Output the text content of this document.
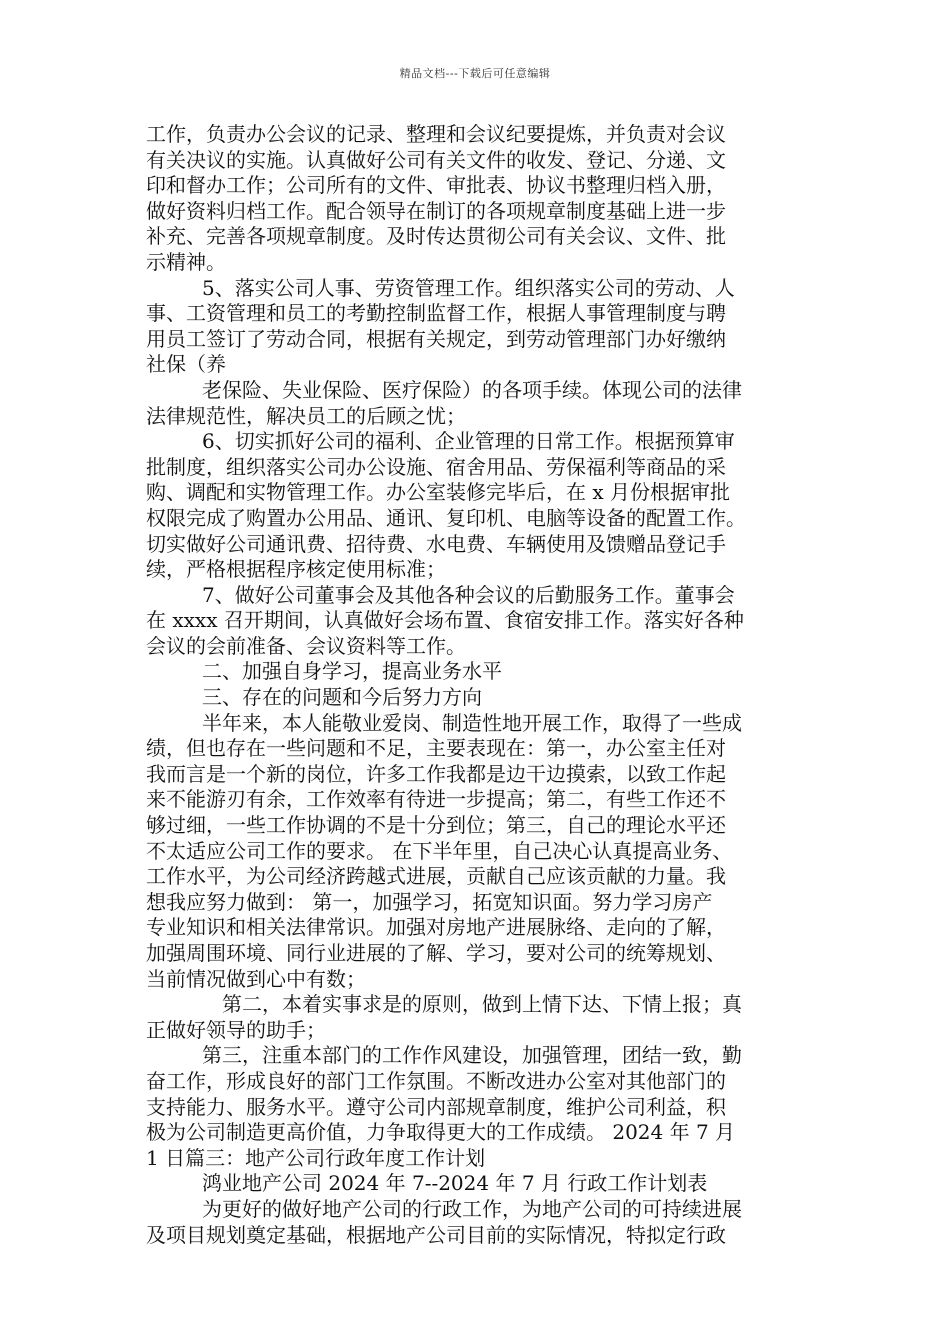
精品文档---下载后可任意编辑
工作，负责办公会议的记录、整理和会议纪要提炼，并负责对会议
有关决议的实施。认真做好公司有关文件的收发、登记、分递、文
印和督办工作；公司所有的文件、审批表、协议书整理归档入册，
做好资料归档工作。配合领导在制订的各项规章制度基础上进一步
补充、完善各项规章制度。及时传达贯彻公司有关会议、文件、批
示精神。
5、落实公司人事、劳资管理工作。组织落实公司的劳动、人
事、工资管理和员工的考勤控制监督工作，根据人事管理制度与聘
用员工签订了劳动合同，根据有关规定，到劳动管理部门办好缴纳
社保（养
老保险、失业保险、医疗保险）的各项手续。体现公司的法律
法律规范性，解决员工的后顾之忧；
6、切实抓好公司的福利、企业管理的日常工作。根据预算审
批制度，组织落实公司办公设施、宿舍用品、劳保福利等商品的采
购、调配和实物管理工作。办公室装修完毕后，在 x 月份根据审批
权限完成了购置办公用品、通讯、复印机、电脑等设备的配置工作。
切实做好公司通讯费、招待费、水电费、车辆使用及馈赠品登记手
续，严格根据程序核定使用标准；
7、做好公司董事会及其他各种会议的后勤服务工作。董事会
在 xxxx 召开期间，认真做好会场布置、食宿安排工作。落实好各种
会议的会前准备、会议资料等工作。
二、加强自身学习，提高业务水平
三、存在的问题和今后努力方向
半年来，本人能敬业爱岗、制造性地开展工作，取得了一些成
绩，但也存在一些问题和不足，主要表现在：第一，办公室主任对
我而言是一个新的岗位，许多工作我都是边干边摸索，以致工作起
来不能游刃有余，工作效率有待进一步提高；第二，有些工作还不
够过细，一些工作协调的不是十分到位；第三，自己的理论水平还
不太适应公司工作的要求。 在下半年里，自己决心认真提高业务、
工作水平，为公司经济跨越式进展，贡献自己应该贡献的力量。我
想我应努力做到： 第一，加强学习，拓宽知识面。努力学习房产
专业知识和相关法律常识。加强对房地产进展脉络、走向的了解，
加强周围环境、同行业进展的了解、学习，要对公司的统筹规划、
当前情况做到心中有数；
第二，本着实事求是的原则，做到上情下达、下情上报；真
正做好领导的助手；
第三，注重本部门的工作作风建设，加强管理，团结一致，勤
奋工作，形成良好的部门工作氛围。不断改进办公室对其他部门的
支持能力、服务水平。遵守公司内部规章制度，维护公司利益，积
极为公司制造更高价值，力争取得更大的工作成绩。 2024 年 7 月
1 日篇三：地产公司行政年度工作计划
鸿业地产公司 2024 年 7--2024 年 7 月 行政工作计划表
为更好的做好地产公司的行政工作，为地产公司的可持续进展
及项目规划奠定基础，根据地产公司目前的实际情况，特拟定行政
